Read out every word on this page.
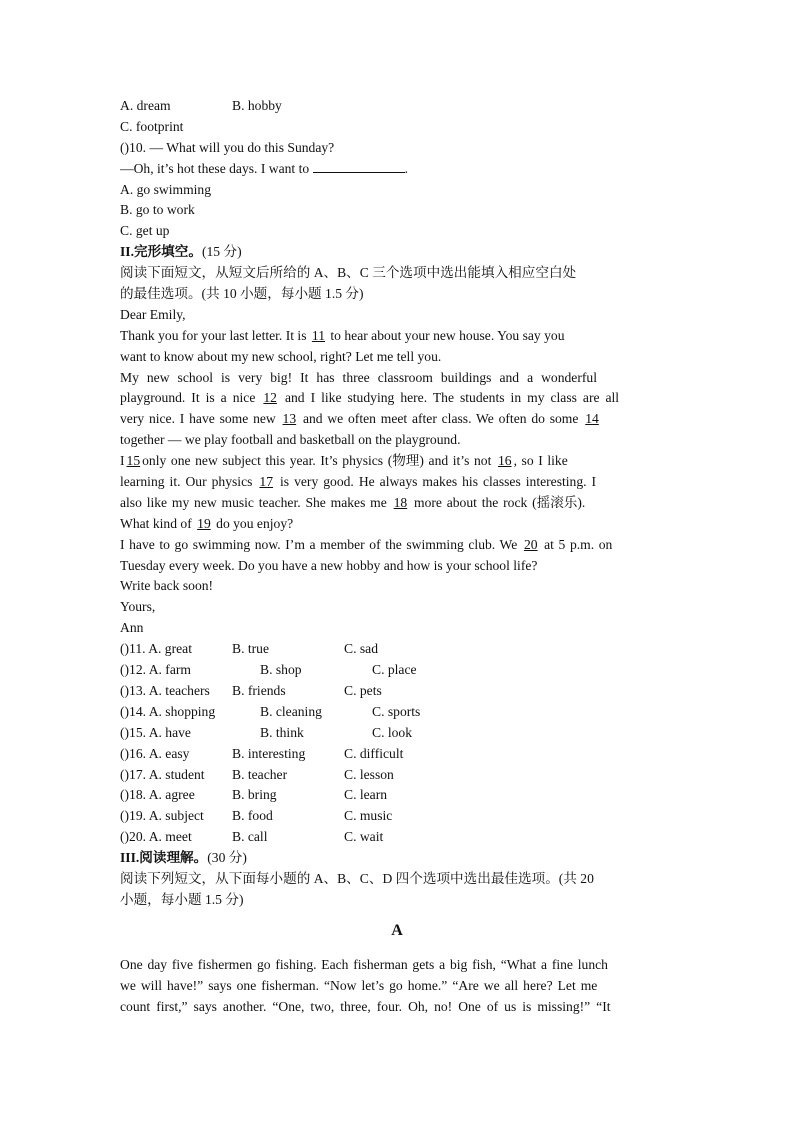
A. dream	B. hobby
C. footprint
()10. — What will you do this Sunday?
—Oh, it’s hot these days. I want to	.
A. go swimming
B. go to work
C. get up
II.完形填空。(15 分)
阅读下面短文，从短文后所给的 A、B、C 三个选项中选出能填入相应空白处
的最佳选项。(共 10 小题，每小题 1.5 分)
Dear Emily,
Thank you for your last letter. It is 11 to hear about your new house. You say you
want to know about my new school, right? Let me tell you.
My new school is very big! It has three classroom buildings and a wonderful
playground. It is a nice 12 and I like studying here. The students in my class are all
very nice. I have some new 13 and we often meet after class. We often do some 14
together — we play football and basketball on the playground.
I 15 only one new subject this year. It’s physics (物理) and it’s not 16 , so I like
learning it. Our physics 17 is very good. He always makes his classes interesting. I
also like my new music teacher. She makes me 18 more about the rock (摇滚乐).
What kind of 19 do you enjoy?
I have to go swimming now. I’m a member of the swimming club. We 20 at 5 p.m. on
Tuesday every week. Do you have a new hobby and how is your school life?
Write back soon!
Yours,
Ann
()11. A. great	B. true	C. sad
()12. A. farm	B. shop	C. place
()13. A. teachers	B. friends	C. pets
()14. A. shopping	B. cleaning	C. sports
()15. A. have	B. think	C. look
()16. A. easy	B. interesting	C. difficult
()17. A. student	B. teacher	C. lesson
()18. A. agree	B. bring	C. learn
()19. A. subject	B. food	C. music
()20. A. meet	B. call	C. wait
III.阅读理解。(30 分)
阅读下列短文，从下面每小题的 A、B、C、D 四个选项中选出最佳选项。(共 20
小题，每小题 1.5 分)
A
One day five fishermen go fishing. Each fisherman gets a big fish, “What a fine lunch
we will have!” says one fisherman. “Now let’s go home.” “Are we all here? Let me
count first,” says another. “One, two, three, four. Oh, no! One of us is missing!” “It
